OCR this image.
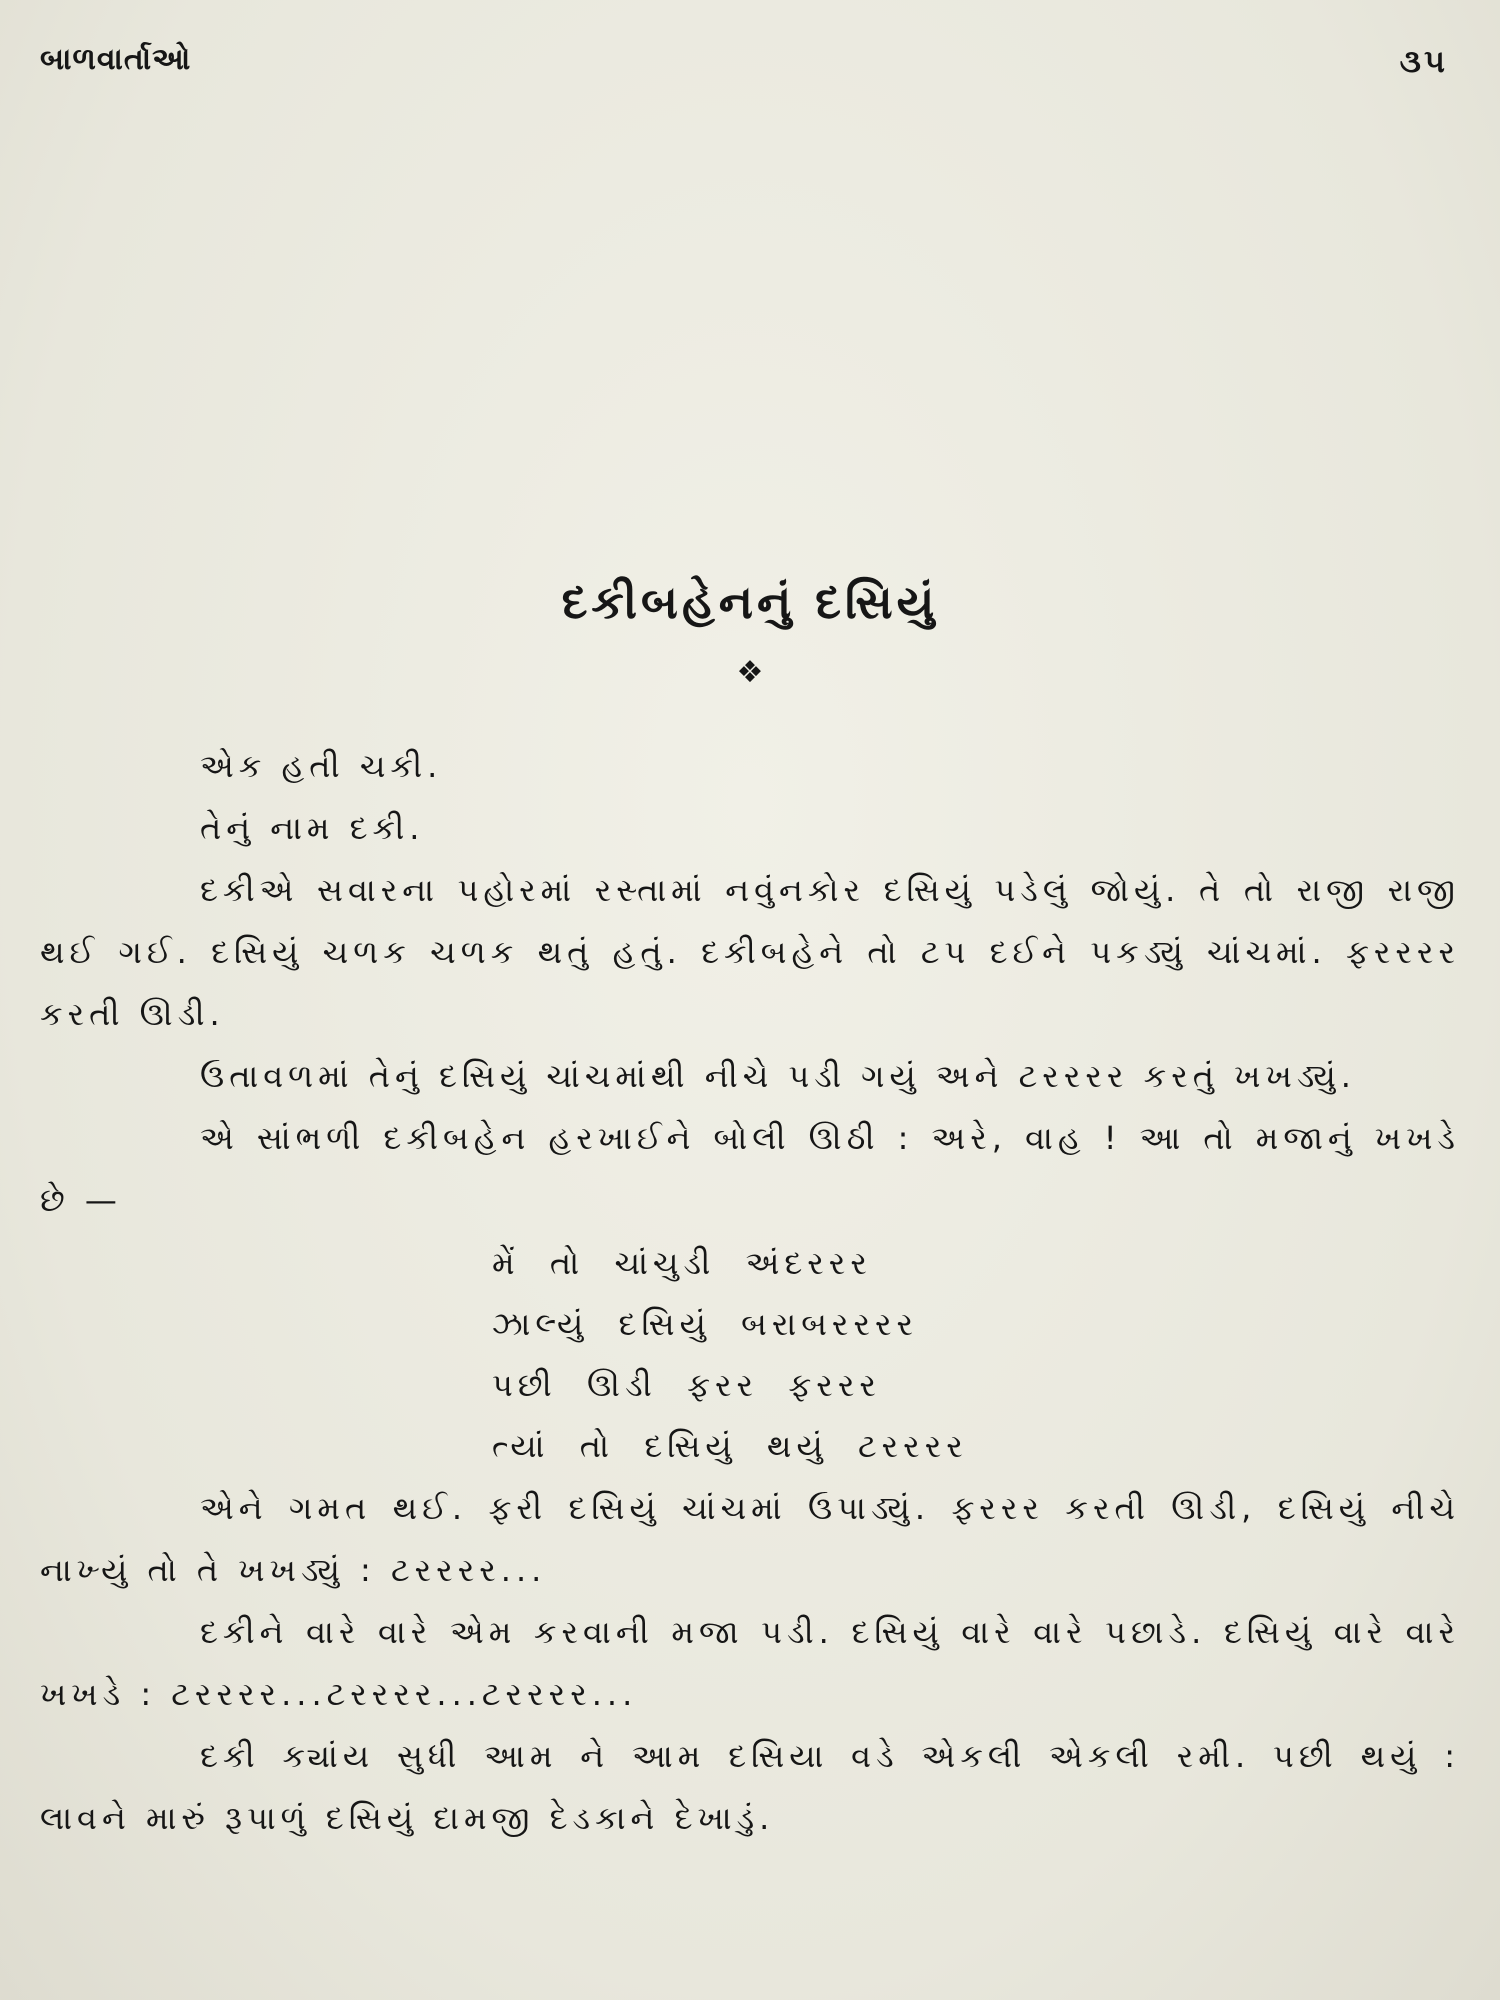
બાળવાર્તાઓ	૩૫
દકીબહેનનું દસિયું
❖

એક હતી ચકી.

તેનું નામ દકી.

દકીએ સવારના પહોરમાં રસ્તામાં નવુંનકોર દસિયું પડેલું જોયું. તે તો રાજી રાજી થઈ ગઈ. દસિયું ચળક ચળક થતું હતું. દકીબહેને તો ટપ દઈને પકડ્યું ચાંચમાં. ફરરરર કરતી ઊડી.

ઉતાવળમાં તેનું દસિયું ચાંચમાંથી નીચે પડી ગયું અને ટરરરર કરતું ખખડ્યું.

એ સાંભળી દકીબહેન હરખાઈને બોલી ઊઠી : અરે, વાહ ! આ તો મજાનું ખખડે છે —

મેં  તો  ચાંચુડી  અંદરરર
ઝાલ્યું  દસિયું  બરાબરરરર
પછી  ઊડી  ફરર  ફરરર
ત્યાં  તો  દસિયું  થયું  ટરરરર

એને ગમત થઈ. ફરી દસિયું ચાંચમાં ઉપાડ્યું. ફરરર કરતી ઊડી, દસિયું નીચે નાખ્યું તો તે ખખડ્યું : ટરરરર...

દકીને વારે વારે એમ કરવાની મજા પડી. દસિયું વારે વારે પછાડે. દસિયું વારે વારે ખખડે : ટરરરર...ટરરરર...ટરરરર...

દકી ક્યાંય સુધી આમ ને આમ દસિયા વડે એકલી એકલી રમી. પછી થયું : લાવને મારું રૂપાળું દસિયું દામજી દેડકાને દેખાડું.
